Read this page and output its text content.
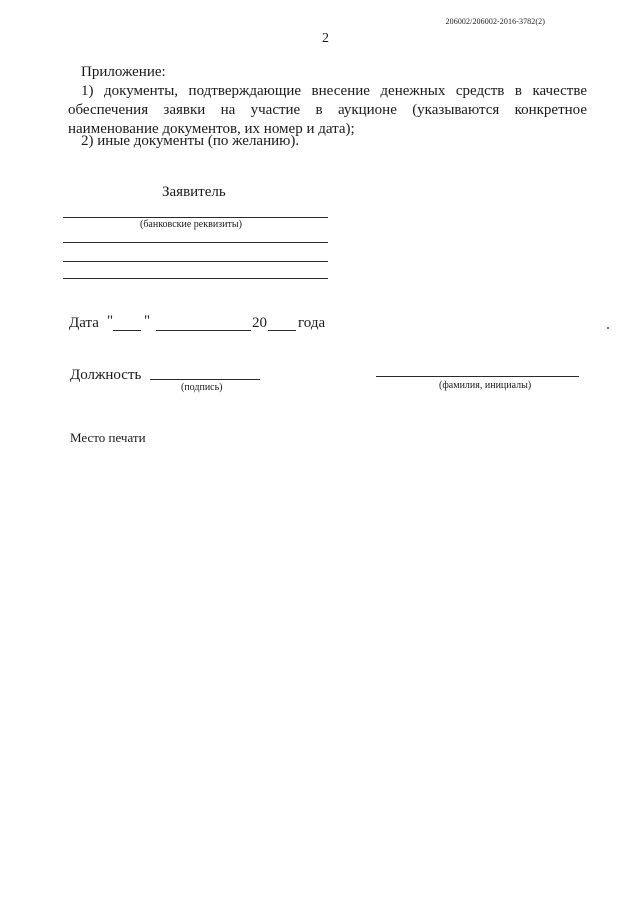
206002/206002-2016-3782(2)
2
Приложение:
1) документы, подтверждающие внесение денежных средств в качестве
обеспечения заявки на участие в аукционе (указываются конкретное
наименование документов, их номер и дата);
2) иные документы (по желанию).
Заявитель
(банковские реквизиты)
Дата " "	20 года
Должность
(подпись)	(фамилия, инициалы)
Место печати
